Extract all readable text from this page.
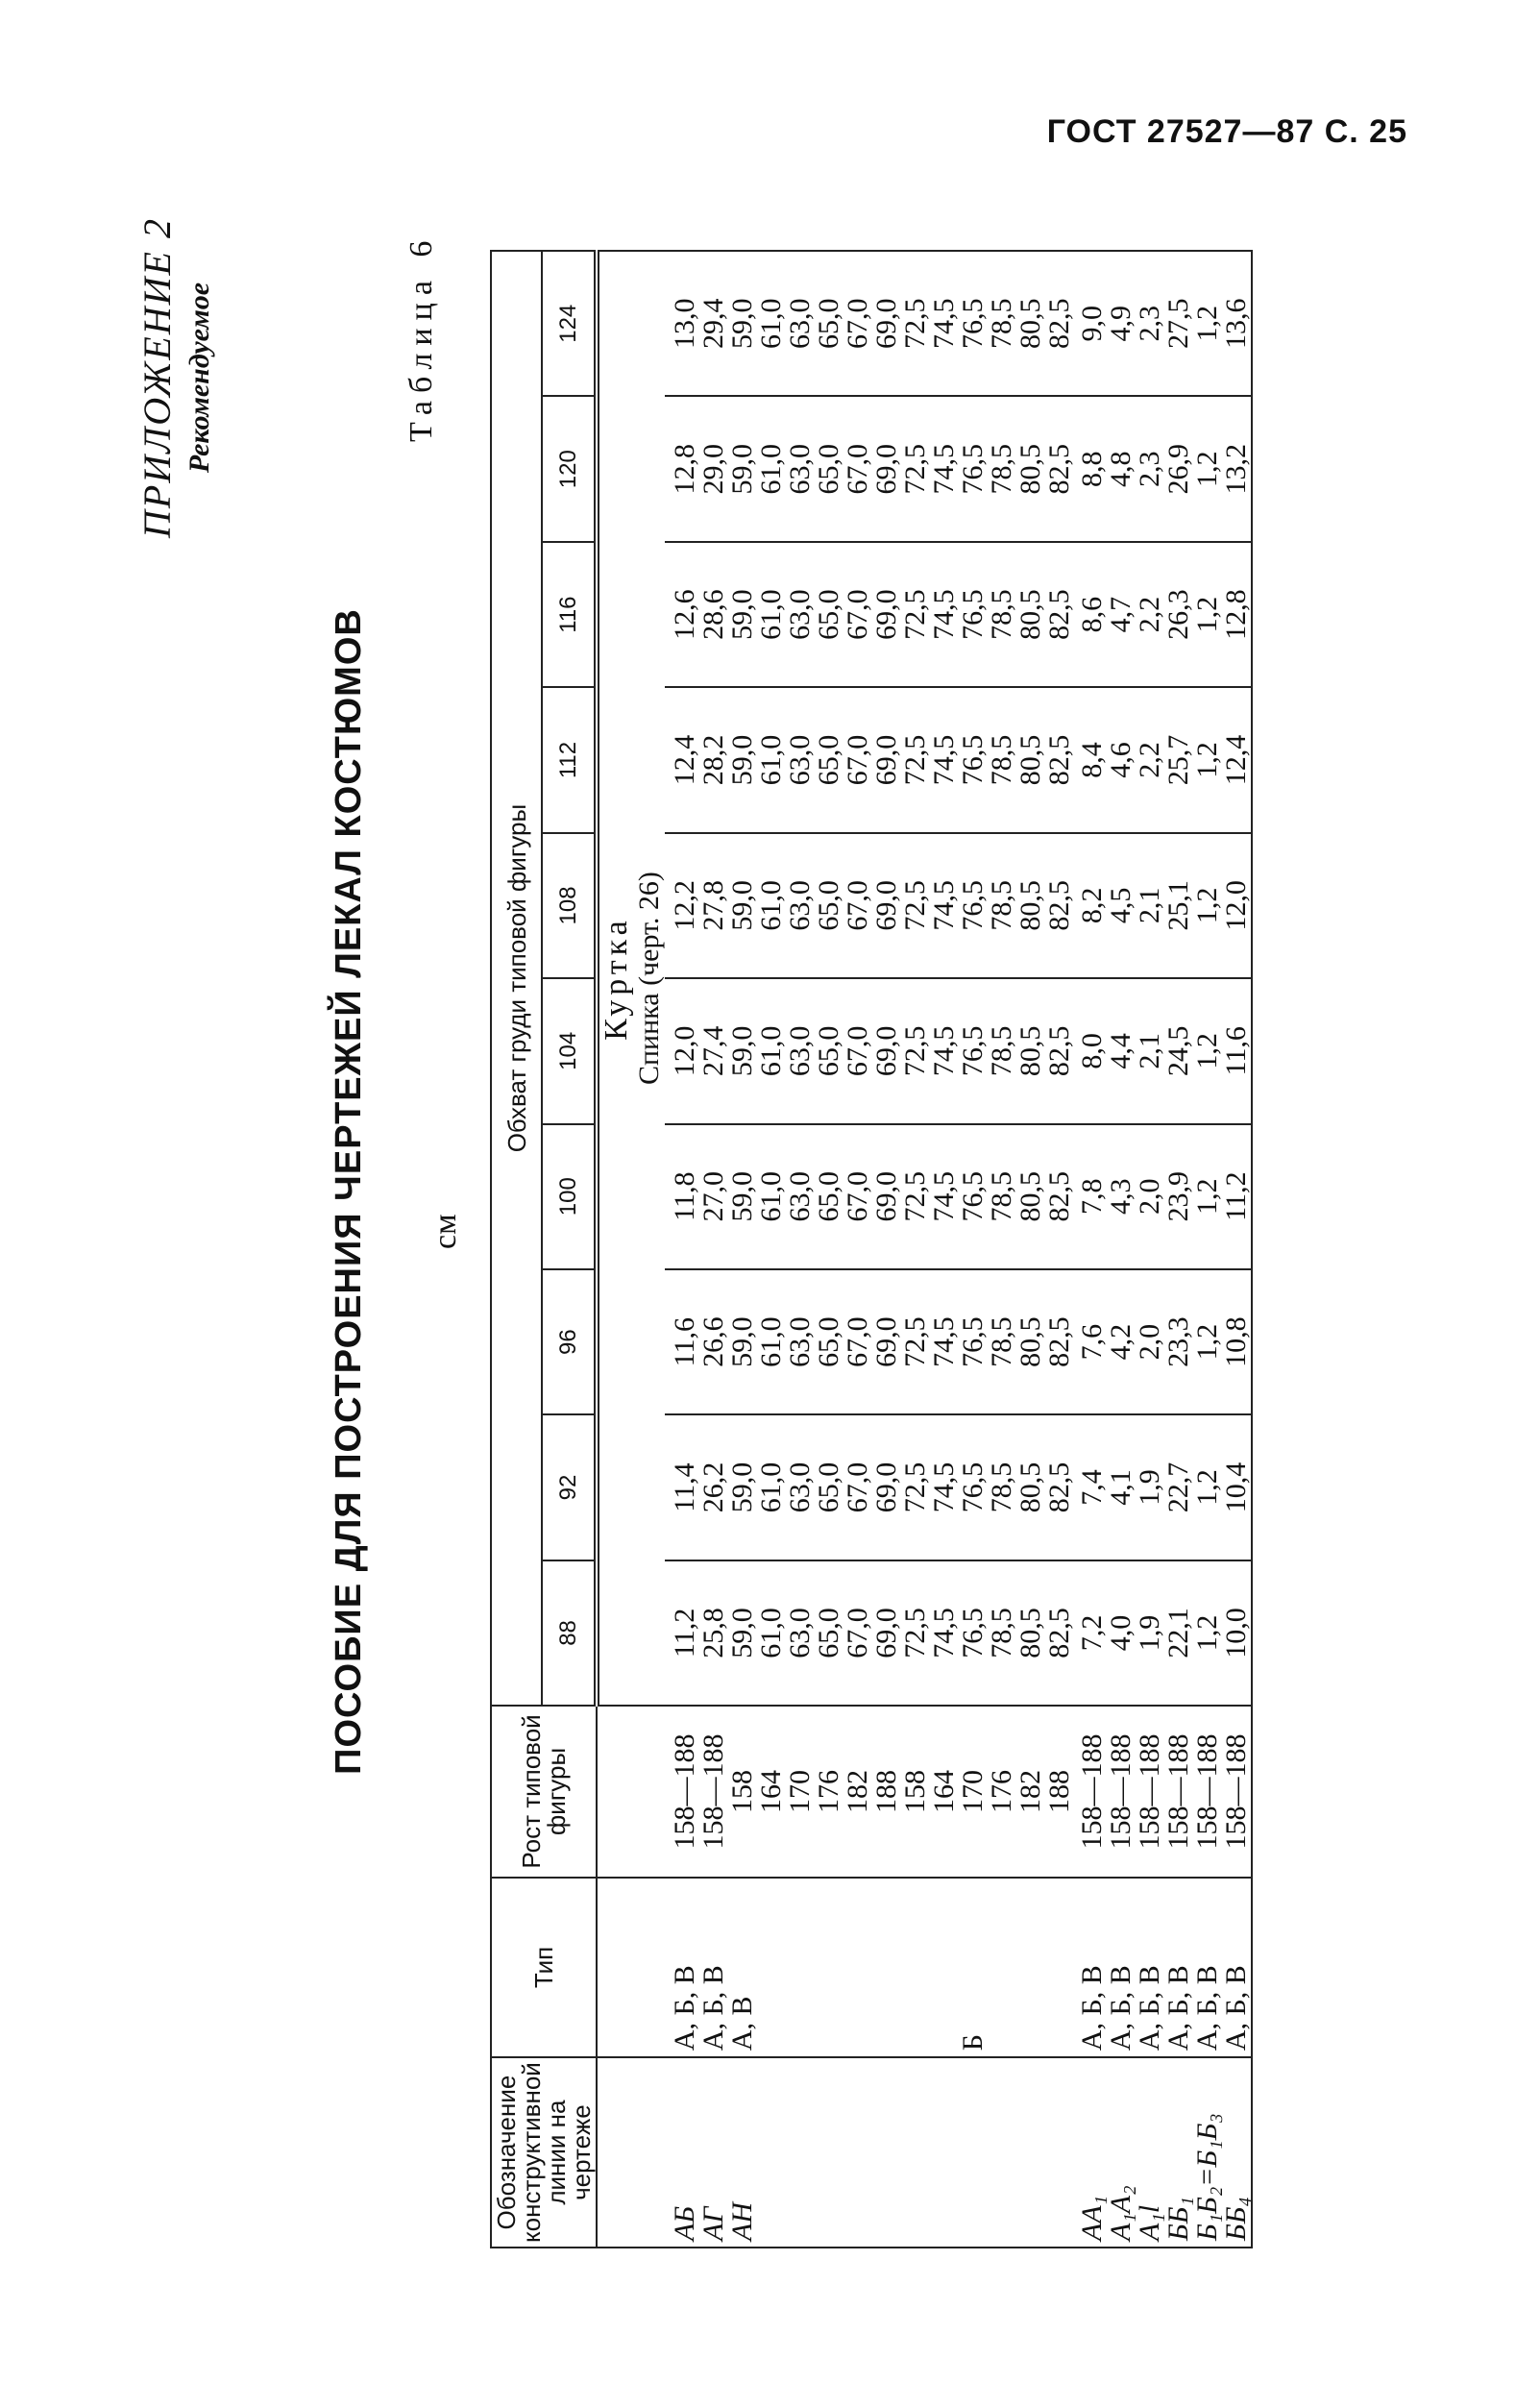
ГОСТ 27527—87 С. 25
ПРИЛОЖЕНИЕ 2 Рекомендуемое
ПОСОБИЕ ДЛЯ ПОСТРОЕНИЯ ЧЕРТЕЖЕЙ ЛЕКАЛ КОСТЮМОВ
Таблица 6
см
Обозначение конструктивной линии на чертеже	Тип	Рост типовой фигуры	Обхват груди типовой фигуры									
			88	92	96	100	104	108	112	116	120	124

			Куртка Спинка (черт. 26)									

АБ	А, Б, В	158—188	11,2	11,4	11,6	11,8	12,0	12,2	12,4	12,6	12,8	13,0
АГ	А, Б, В	158—188	25,8	26,2	26,6	27,0	27,4	27,8	28,2	28,6	29,0	29,4
АН	А, В	158	59,0	59,0	59,0	59,0	59,0	59,0	59,0	59,0	59,0	59,0
		164	61,0	61,0	61,0	61,0	61,0	61,0	61,0	61,0	61,0	61,0
		170	63,0	63,0	63,0	63,0	63,0	63,0	63,0	63,0	63,0	63,0
		176	65,0	65,0	65,0	65,0	65,0	65,0	65,0	65,0	65,0	65,0
		182	67,0	67,0	67,0	67,0	67,0	67,0	67,0	67,0	67,0	67,0
		188	69,0	69,0	69,0	69,0	69,0	69,0	69,0	69,0	69,0	69,0
		158	72,5	72,5	72,5	72,5	72,5	72,5	72,5	72,5	72,5	72,5
		164	74,5	74,5	74,5	74,5	74,5	74,5	74,5	74,5	74,5	74,5
	Б	170	76,5	76,5	76,5	76,5	76,5	76,5	76,5	76,5	76,5	76,5
		176	78,5	78,5	78,5	78,5	78,5	78,5	78,5	78,5	78,5	78,5
		182	80,5	80,5	80,5	80,5	80,5	80,5	80,5	80,5	80,5	80,5
		188	82,5	82,5	82,5	82,5	82,5	82,5	82,5	82,5	82,5	82,5

АА₁	А, Б, В	158—188	7,2	7,4	7,6	7,8	8,0	8,2	8,4	8,6	8,8	9,0
А₁А₂	А, Б, В	158—188	4,0	4,1	4,2	4,3	4,4	4,5	4,6	4,7	4,8	4,9
А₁l	А, Б, В	158—188	1,9	1,9	2,0	2,0	2,1	2,1	2,2	2,2	2,3	2,3
ББ₁	А, Б, В	158—188	22,1	22,7	23,3	23,9	24,5	25,1	25,7	26,3	26,9	27,5
Б₁Б₂=Б₁Б₃	А, Б, В	158—188	1,2	1,2	1,2	1,2	1,2	1,2	1,2	1,2	1,2	1,2
ББ₄	А, Б, В	158—188	10,0	10,4	10,8	11,2	11,6	12,0	12,4	12,8	13,2	13,6
